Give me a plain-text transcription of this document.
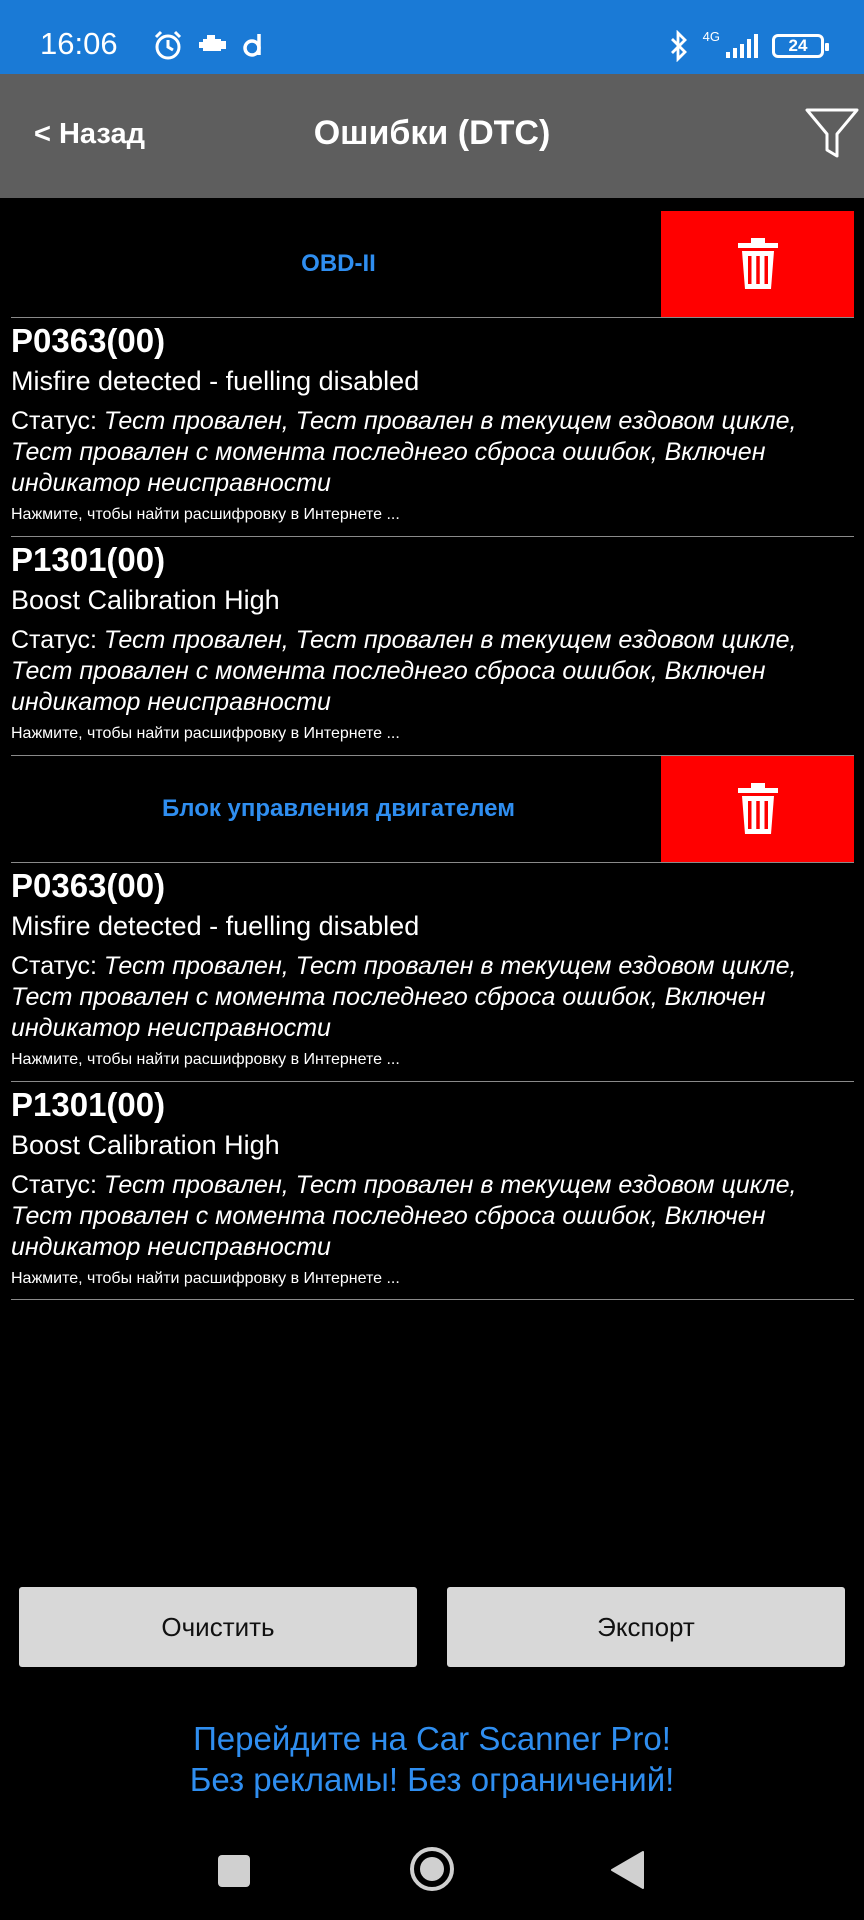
16:06	4G	24
< Назад	Ошибки (DTC)
OBD-II
P0363(00)
Misfire detected - fuelling disabled
Статус: Тест провален, Тест провален в текущем ездовом цикле, Тест провален с момента последнего сброса ошибок, Включен индикатор неисправности
Нажмите, чтобы найти расшифровку в Интернете ...
P1301(00)
Boost Calibration High
Статус: Тест провален, Тест провален в текущем ездовом цикле, Тест провален с момента последнего сброса ошибок, Включен индикатор неисправности
Нажмите, чтобы найти расшифровку в Интернете ...
Блок управления двигателем
P0363(00)
Misfire detected - fuelling disabled
Статус: Тест провален, Тест провален в текущем ездовом цикле, Тест провален с момента последнего сброса ошибок, Включен индикатор неисправности
Нажмите, чтобы найти расшифровку в Интернете ...
P1301(00)
Boost Calibration High
Статус: Тест провален, Тест провален в текущем ездовом цикле, Тест провален с момента последнего сброса ошибок, Включен индикатор неисправности
Нажмите, чтобы найти расшифровку в Интернете ...
Очистить	Экспорт
Перейдите на Car Scanner Pro!
Без рекламы! Без ограничений!
